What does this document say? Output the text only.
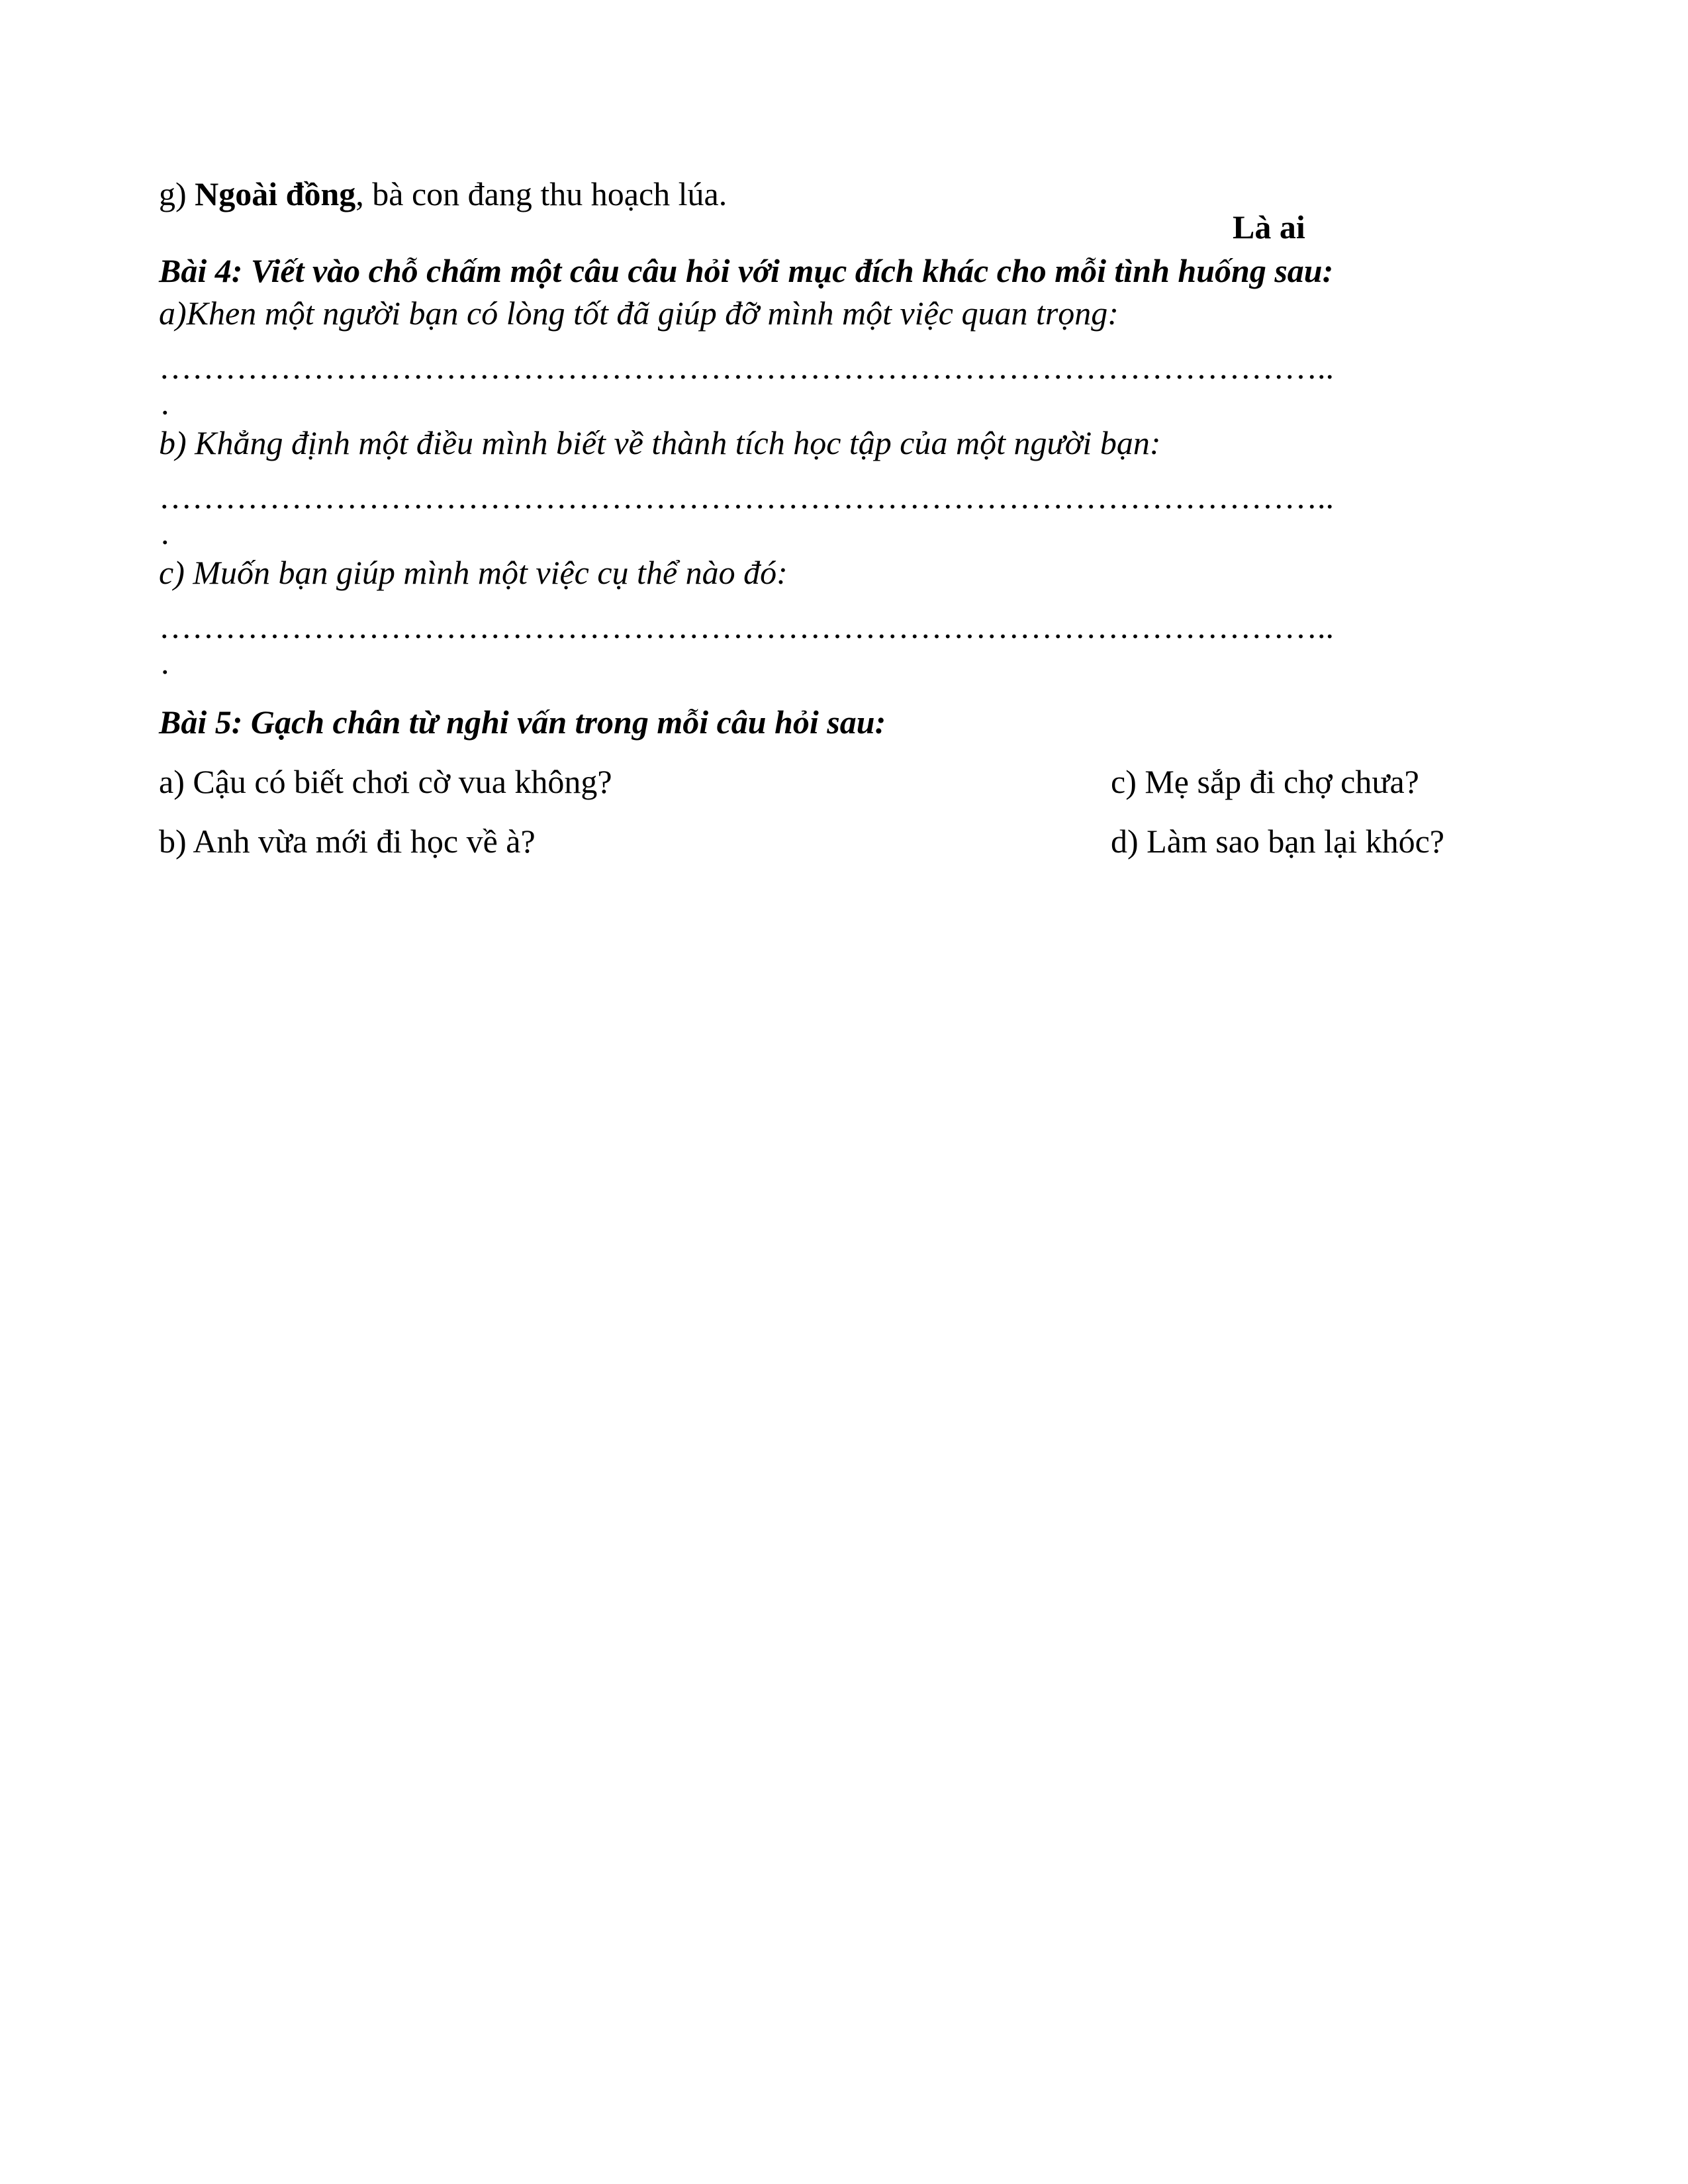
g) Ngoài đồng, bà con đang thu hoạch lúa.
Là ai
Bài 4: Viết vào chỗ chấm một câu câu hỏi với mục đích khác cho mỗi tình huống sau:
a)Khen một người bạn có lòng tốt đã giúp đỡ mình một việc quan trọng:
……………………………………………………………………………………………..
.
b) Khẳng định một điều mình biết về thành tích học tập của một người bạn:
……………………………………………………………………………………………..
.
c) Muốn bạn giúp mình một việc cụ thể nào đó:
……………………………………………………………………………………………..
.
Bài 5: Gạch chân từ nghi vấn trong mỗi câu hỏi sau:
a) Cậu có biết chơi cờ vua không?	c) Mẹ sắp đi chợ chưa?
b) Anh vừa mới đi học về à?	d) Làm sao bạn lại khóc?
